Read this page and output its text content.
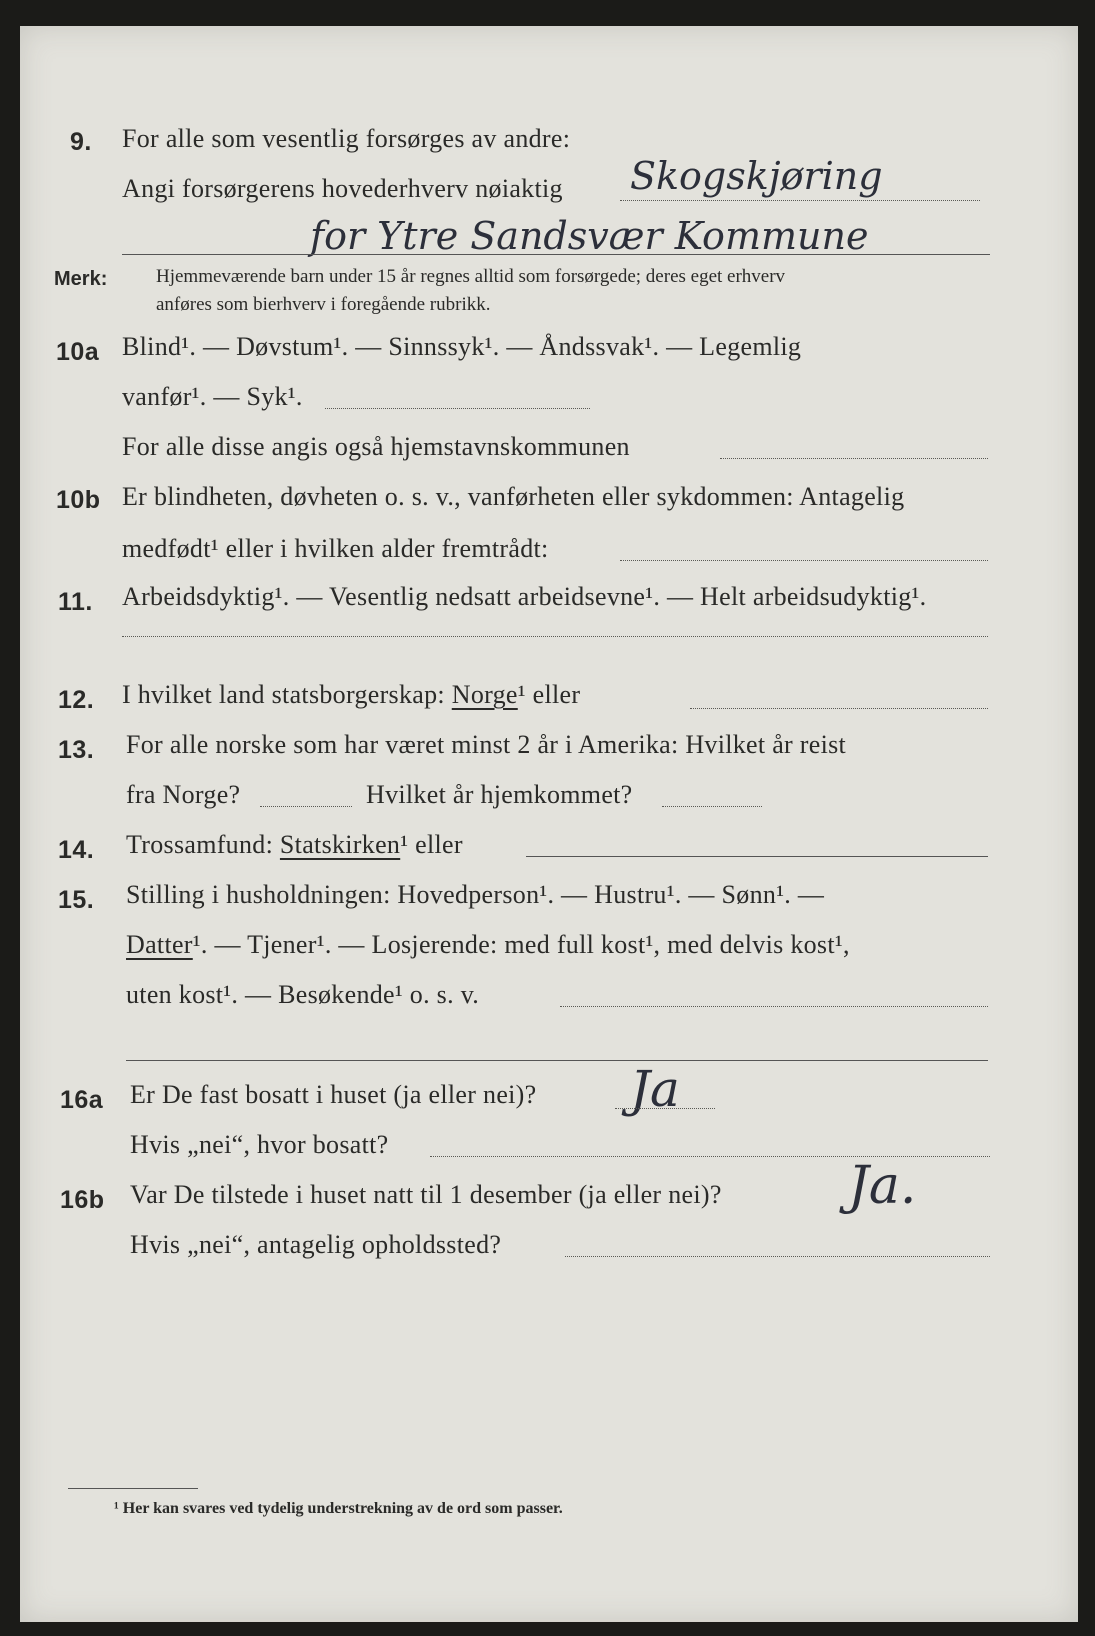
9. For alle som vesentlig forsørges av andre:
Angi forsørgerens hovederhverv nøiaktig Skogskjøring
for Ytre Sandsvær Kommune
Merk:	Hjemmeværende barn under 15 år regnes alltid som forsørgede; deres eget erhverv
anføres som bierhverv i foregående rubrikk.
10a Blind¹. — Døvstum¹. — Sinnssyk¹. — Åndssvak¹. — Legemlig
vanfør¹. — Syk¹.
For alle disse angis også hjemstavnskommunen
10b Er blindheten, døvheten o. s. v., vanførheten eller sykdommen: Antagelig
medfødt¹ eller i hvilken alder fremtrådt:
11. Arbeidsdyktig¹. — Vesentlig nedsatt arbeidsevne¹. — Helt arbeidsudyktig¹.
12. I hvilket land statsborgerskap: Norge¹ eller
13. For alle norske som har været minst 2 år i Amerika: Hvilket år reist
fra Norge?	Hvilket år hjemkommet?
14. Trossamfund: Statskirken¹ eller
15. Stilling i husholdningen: Hovedperson¹. — Hustru¹. — Sønn¹. —
Datter¹. — Tjener¹. — Losjerende: med full kost¹, med delvis kost¹,
uten kost¹. — Besøkende¹ o. s. v.
16a Er De fast bosatt i huset (ja eller nei)? Ja
Hvis „nei“, hvor bosatt?
16b Var De tilstede i huset natt til 1 desember (ja eller nei)? Ja.
Hvis „nei“, antagelig opholdssted?
¹ Her kan svares ved tydelig understrekning av de ord som passer.
